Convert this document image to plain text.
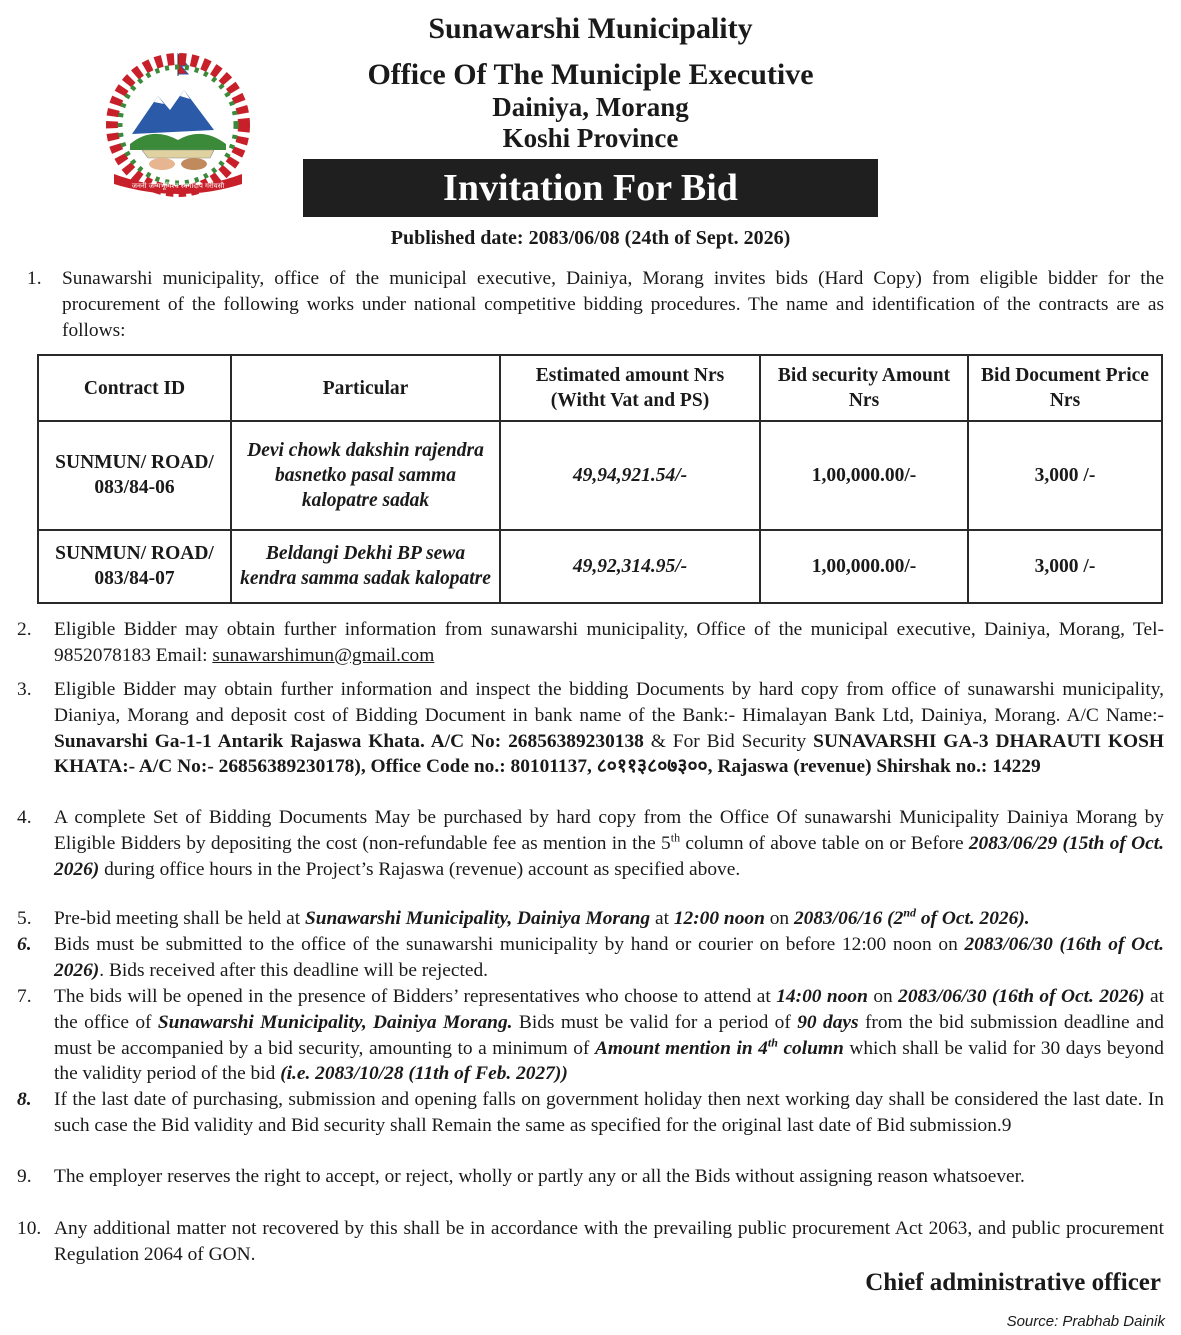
जननी जन्मभूमिश्च स्वर्गादपि गरीयसी
Sunawarshi Municipality
Office Of The Municiple Executive
Dainiya, Morang
Koshi Province
Invitation For Bid
Published date: 2083/06/08 (24th of Sept. 2026)
1. Sunawarshi municipality, office of the municipal executive, Dainiya, Morang invites bids (Hard Copy) from eligible bidder for the procurement of the following works under national competitive bidding procedures. The name and identification of the contracts are as follows:

Contract ID	Particular	Estimated amount Nrs (Witht Vat and PS)	Bid security Amount Nrs	Bid Document Price Nrs
SUNMUN/ ROAD/ 083/84-06	Devi chowk dakshin rajendra basnetko pasal samma kalopatre sadak	49,94,921.54/-	1,00,000.00/-	3,000 /-
SUNMUN/ ROAD/ 083/84-07	Beldangi Dekhi BP sewa kendra samma sadak kalopatre	49,92,314.95/-	1,00,000.00/-	3,000 /-
2. Eligible Bidder may obtain further information from sunawarshi municipality, Office of the municipal executive, Dainiya, Morang, Tel- 9852078183 Email: sunawarshimun@gmail.com

3. Eligible Bidder may obtain further information and inspect the bidding Documents by hard copy from office of sunawarshi municipality, Dianiya, Morang and deposit cost of Bidding Document in bank name of the Bank:- Himalayan Bank Ltd, Dainiya, Morang. A/C Name:- Sunavarshi Ga-1-1 Antarik Rajaswa Khata. A/C No: 26856389230138 & For Bid Security SUNAVARSHI GA-3 DHARAUTI KOSH KHATA:- A/C No:- 26856389230178), Office Code no.: 80101137, ८०११३८०७३००, Rajaswa (revenue) Shirshak no.: 14229

4. A complete Set of Bidding Documents May be purchased by hard copy from the Office Of sunawarshi Municipality Dainiya Morang by Eligible Bidders by depositing the cost (non-refundable fee as mention in the 5th column of above table on or Before 2083/06/29 (15th of Oct. 2026) during office hours in the Project’s Rajaswa (revenue) account as specified above.

5. Pre-bid meeting shall be held at Sunawarshi Municipality, Dainiya Morang at 12:00 noon on 2083/06/16 (2nd of Oct. 2026).

6. Bids must be submitted to the office of the sunawarshi municipality by hand or courier on before 12:00 noon on 2083/06/30 (16th of Oct. 2026). Bids received after this deadline will be rejected.

7. The bids will be opened in the presence of Bidders’ representatives who choose to attend at 14:00 noon on 2083/06/30 (16th of Oct. 2026) at the office of Sunawarshi Municipality, Dainiya Morang. Bids must be valid for a period of 90 days from the bid submission deadline and must be accompanied by a bid security, amounting to a minimum of Amount mention in 4th column which shall be valid for 30 days beyond the validity period of the bid (i.e. 2083/10/28 (11th of Feb. 2027))

8. If the last date of purchasing, submission and opening falls on government holiday then next working day shall be considered the last date. In such case the Bid validity and Bid security shall Remain the same as specified for the original last date of Bid submission.9

9. The employer reserves the right to accept, or reject, wholly or partly any or all the Bids without assigning reason whatsoever.

10. Any additional matter not recovered by this shall be in accordance with the prevailing public procurement Act 2063, and public procurement Regulation 2064 of GON.

Chief administrative officer
Source: Prabhab Dainik
